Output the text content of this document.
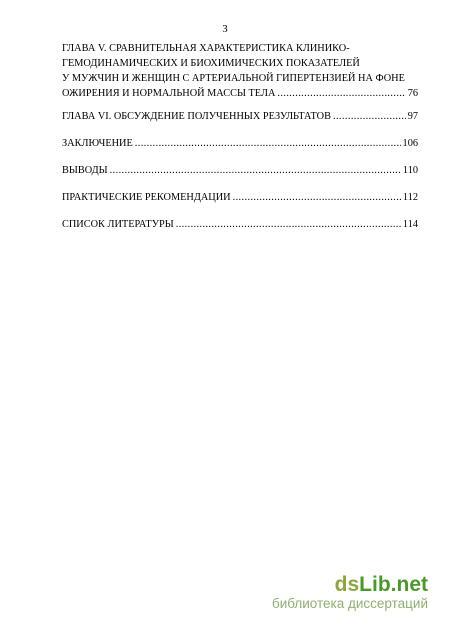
3
ГЛАВА V. СРАВНИТЕЛЬНАЯ ХАРАКТЕРИСТИКА КЛИНИКО-
ГЕМОДИНАМИЧЕСКИХ И БИОХИМИЧЕСКИХ ПОКАЗАТЕЛЕЙ
У МУЖЧИН И ЖЕНЩИН С АРТЕРИАЛЬНОЙ ГИПЕРТЕНЗИЕЙ НА ФОНЕ
ОЖИРЕНИЯ И НОРМАЛЬНОЙ МАССЫ ТЕЛА .....	76
ГЛАВА VI. ОБСУЖДЕНИЕ ПОЛУЧЕННЫХ РЕЗУЛЬТАТОВ .....	97
ЗАКЛЮЧЕНИЕ .....	106
ВЫВОДЫ .....	110
ПРАКТИЧЕСКИЕ РЕКОМЕНДАЦИИ .....	112
СПИСОК ЛИТЕРАТУРЫ .....	114
dsLib.net
библиотека диссертаций
